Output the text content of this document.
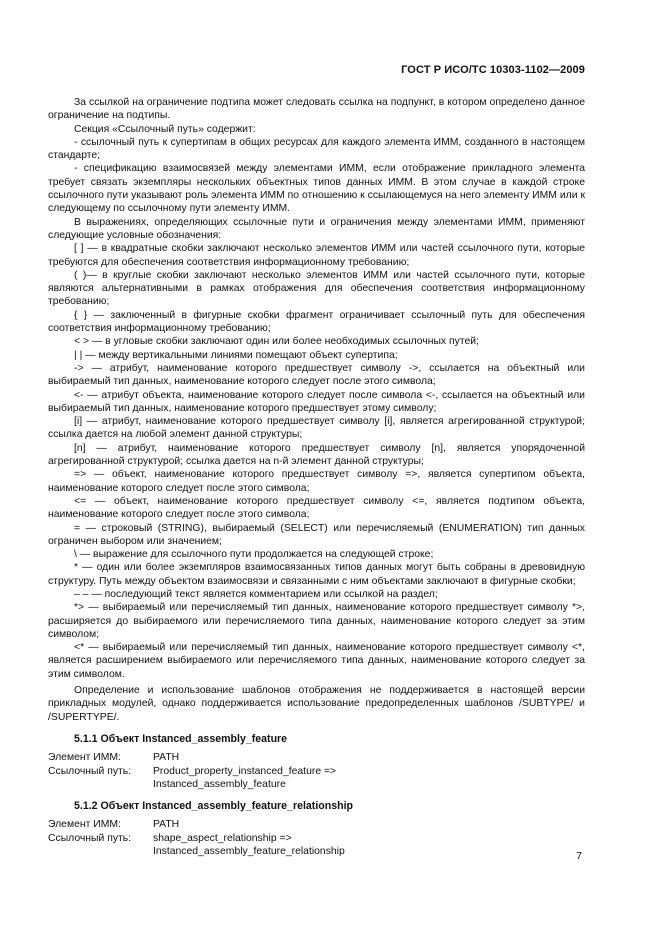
ГОСТ Р ИСО/ТС 10303-1102—2009

За ссылкой на ограничение подтипа может следовать ссылка на подпункт, в котором определено данное ограничение на подтипы.

Секция «Ссылочный путь» содержит:

- ссылочный путь к супертипам в общих ресурсах для каждого элемента ИММ, созданного в настоящем стандарте;

- спецификацию взаимосвязей между элементами ИММ, если отображение прикладного элемента требует связать экземпляры нескольких объектных типов данных ИММ. В этом случае в каждой строке ссылочного пути указывают роль элемента ИММ по отношению к ссылающемуся на него элементу ИММ или к следующему по ссылочному пути элементу ИММ.

В выражениях, определяющих ссылочные пути и ограничения между элементами ИММ, применяют следующие условные обозначения:

[ ] — в квадратные скобки заключают несколько элементов ИММ или частей ссылочного пути, которые требуются для обеспечения соответствия информационному требованию;

( )— в круглые скобки заключают несколько элементов ИММ или частей ссылочного пути, которые являются альтернативными в рамках отображения для обеспечения соответствия информационному требованию;

{ } — заключенный в фигурные скобки фрагмент ограничивает ссылочный путь для обеспечения соответствия информационному требованию;

< > — в угловые скобки заключают один или более необходимых ссылочных путей;

| | — между вертикальными линиями помещают объект супертипа;

-> — атрибут, наименование которого предшествует символу ->, ссылается на объектный или выбираемый тип данных, наименование которого следует после этого символа;

<- — атрибут объекта, наименование которого следует после символа <-, ссылается на объектный или выбираемый тип данных, наименование которого предшествует этому символу;

[i] — атрибут, наименование которого предшествует символу [i], является агрегированной структурой; ссылка дается на любой элемент данной структуры;

[n] — атрибут, наименование которого предшествует символу [n], является упорядоченной агрегированной структурой; ссылка дается на n-й элемент данной структуры;

=> — объект, наименование которого предшествует символу =>, является супертипом объекта, наименование которого следует после этого символа;

<= — объект, наименование которого предшествует символу <=, является подтипом объекта, наименование которого следует после этого символа;

= — строковый (STRING), выбираемый (SELECT) или перечисляемый (ENUMERATION) тип данных ограничен выбором или значением;

\ — выражение для ссылочного пути продолжается на следующей строке;

* — один или более экземпляров взаимосвязанных типов данных могут быть собраны в древовидную структуру. Путь между объектом взаимосвязи и связанными с ним объектами заключают в фигурные скобки;

– – — последующий текст является комментарием или ссылкой на раздел;

*> — выбираемый или перечисляемый тип данных, наименование которого предшествует символу *>, расширяется до выбираемого или перечисляемого типа данных, наименование которого следует за этим символом;

<* — выбираемый или перечисляемый тип данных, наименование которого предшествует символу <*, является расширением выбираемого или перечисляемого типа данных, наименование которого следует за этим символом.

Определение и использование шаблонов отображения не поддерживается в настоящей версии прикладных модулей, однако поддерживается использование предопределенных шаблонов /SUBTYPE/ и /SUPERTYPE/.

5.1.1 Объект Instanced_assembly_feature
Элемент ИММ:	PATH
Ссылочный путь:	Product_property_instanced_feature =>
Instanced_assembly_feature
5.1.2 Объект Instanced_assembly_feature_relationship
Элемент ИММ:	PATH
Ссылочный путь:	shape_aspect_relationship =>
Instanced_assembly_feature_relationship	7
